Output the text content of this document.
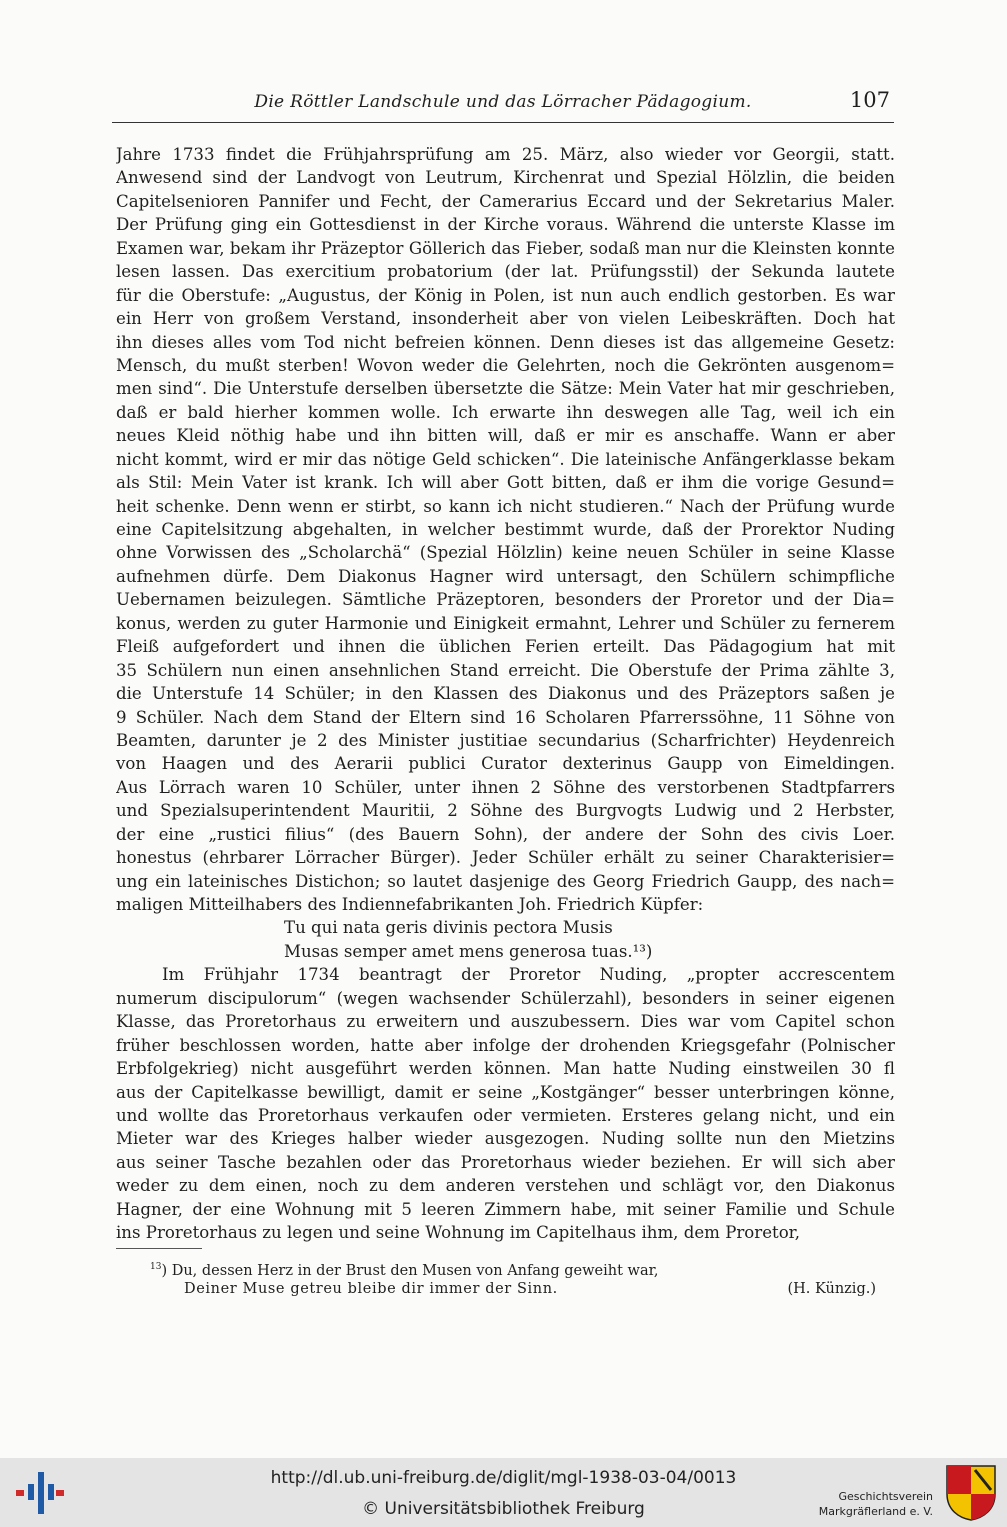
Die Röttler Landschule und das Lörracher Pädagogium.	107
Jahre 1733 findet die Frühjahrsprüfung am 25. März, also wieder vor Georgii, statt.
Anwesend sind der Landvogt von Leutrum, Kirchenrat und Spezial Hölzlin, die beiden
Capitelsenioren Pannifer und Fecht, der Camerarius Eccard und der Sekretarius Maler.
Der Prüfung ging ein Gottesdienst in der Kirche voraus. Während die unterste Klasse im
Examen war, bekam ihr Präzeptor Göllerich das Fieber, sodaß man nur die Kleinsten konnte
lesen lassen. Das exercitium probatorium (der lat. Prüfungsstil) der Sekunda lautete
für die Oberstufe: „Augustus, der König in Polen, ist nun auch endlich gestorben. Es war
ein Herr von großem Verstand, insonderheit aber von vielen Leibeskräften. Doch hat
ihn dieses alles vom Tod nicht befreien können. Denn dieses ist das allgemeine Gesetz:
Mensch, du mußt sterben! Wovon weder die Gelehrten, noch die Gekrönten ausgenom=
men sind“. Die Unterstufe derselben übersetzte die Sätze: Mein Vater hat mir geschrieben,
daß er bald hierher kommen wolle. Ich erwarte ihn deswegen alle Tag, weil ich ein
neues Kleid nöthig habe und ihn bitten will, daß er mir es anschaffe. Wann er aber
nicht kommt, wird er mir das nötige Geld schicken“. Die lateinische Anfängerklasse bekam
als Stil: Mein Vater ist krank. Ich will aber Gott bitten, daß er ihm die vorige Gesund=
heit schenke. Denn wenn er stirbt, so kann ich nicht studieren.“ Nach der Prüfung wurde
eine Capitelsitzung abgehalten, in welcher bestimmt wurde, daß der Prorektor Nuding
ohne Vorwissen des „Scholarchä“ (Spezial Hölzlin) keine neuen Schüler in seine Klasse
aufnehmen dürfe. Dem Diakonus Hagner wird untersagt, den Schülern schimpfliche
Uebernamen beizulegen. Sämtliche Präzeptoren, besonders der Proretor und der Dia=
konus, werden zu guter Harmonie und Einigkeit ermahnt, Lehrer und Schüler zu fernerem
Fleiß aufgefordert und ihnen die üblichen Ferien erteilt. Das Pädagogium hat mit
35 Schülern nun einen ansehnlichen Stand erreicht. Die Oberstufe der Prima zählte 3,
die Unterstufe 14 Schüler; in den Klassen des Diakonus und des Präzeptors saßen je
9 Schüler. Nach dem Stand der Eltern sind 16 Scholaren Pfarrerssöhne, 11 Söhne von
Beamten, darunter je 2 des Minister justitiae secundarius (Scharfrichter) Heydenreich
von Haagen und des Aerarii publici Curator dexterinus Gaupp von Eimeldingen.
Aus Lörrach waren 10 Schüler, unter ihnen 2 Söhne des verstorbenen Stadtpfarrers
und Spezialsuperintendent Mauritii, 2 Söhne des Burgvogts Ludwig und 2 Herbster,
der eine „rustici filius“ (des Bauern Sohn), der andere der Sohn des civis Loer.
honestus (ehrbarer Lörracher Bürger). Jeder Schüler erhält zu seiner Charakterisier=
ung ein lateinisches Distichon; so lautet dasjenige des Georg Friedrich Gaupp, des nach=
maligen Mitteilhabers des Indiennefabrikanten Joh. Friedrich Küpfer:
Tu qui nata geris divinis pectora Musis
Musas semper amet mens generosa tuas.¹³)
Im Frühjahr 1734 beantragt der Proretor Nuding, „propter accrescentem
numerum discipulorum“ (wegen wachsender Schülerzahl), besonders in seiner eigenen
Klasse, das Proretorhaus zu erweitern und auszubessern. Dies war vom Capitel schon
früher beschlossen worden, hatte aber infolge der drohenden Kriegsgefahr (Polnischer
Erbfolgekrieg) nicht ausgeführt werden können. Man hatte Nuding einstweilen 30 fl
aus der Capitelkasse bewilligt, damit er seine „Kostgänger“ besser unterbringen könne,
und wollte das Proretorhaus verkaufen oder vermieten. Ersteres gelang nicht, und ein
Mieter war des Krieges halber wieder ausgezogen. Nuding sollte nun den Mietzins
aus seiner Tasche bezahlen oder das Proretorhaus wieder beziehen. Er will sich aber
weder zu dem einen, noch zu dem anderen verstehen und schlägt vor, den Diakonus
Hagner, der eine Wohnung mit 5 leeren Zimmern habe, mit seiner Familie und Schule
ins Proretorhaus zu legen und seine Wohnung im Capitelhaus ihm, dem Proretor,
$^{13}$) Du, dessen Herz in der Brust den Musen von Anfang geweiht war,
Deiner Muse getreu bleibe dir immer der Sinn.	(H. Künzig.)
http://dl.ub.uni-freiburg.de/diglit/mgl-1938-03-04/0013
© Universitätsbibliothek Freiburg
Geschichtsverein
Markgräflerland e. V.
